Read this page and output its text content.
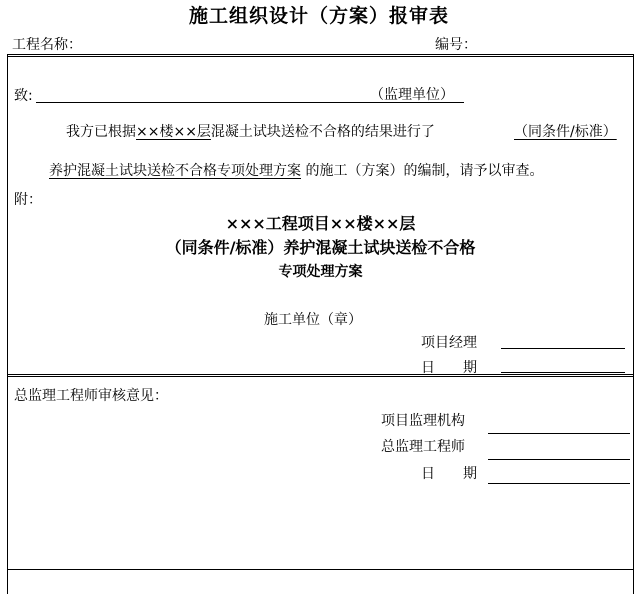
施工组织设计（方案）报审表
工程名称：	编号：
致:	（监理单位）
我方已根据××楼××层混凝土试块送检不合格的结果进行了	（同条件/标准）
养护混凝土试块送检不合格专项处理方案 的施工（方案）的编制，请予以审查。
附：
×××工程项目××楼××层
（同条件/标准）养护混凝土试块送检不合格
专项处理方案
施工单位（章）
项目经理
日　　期
总监理工程师审核意见：
项目监理机构
总监理工程师
日　　期
